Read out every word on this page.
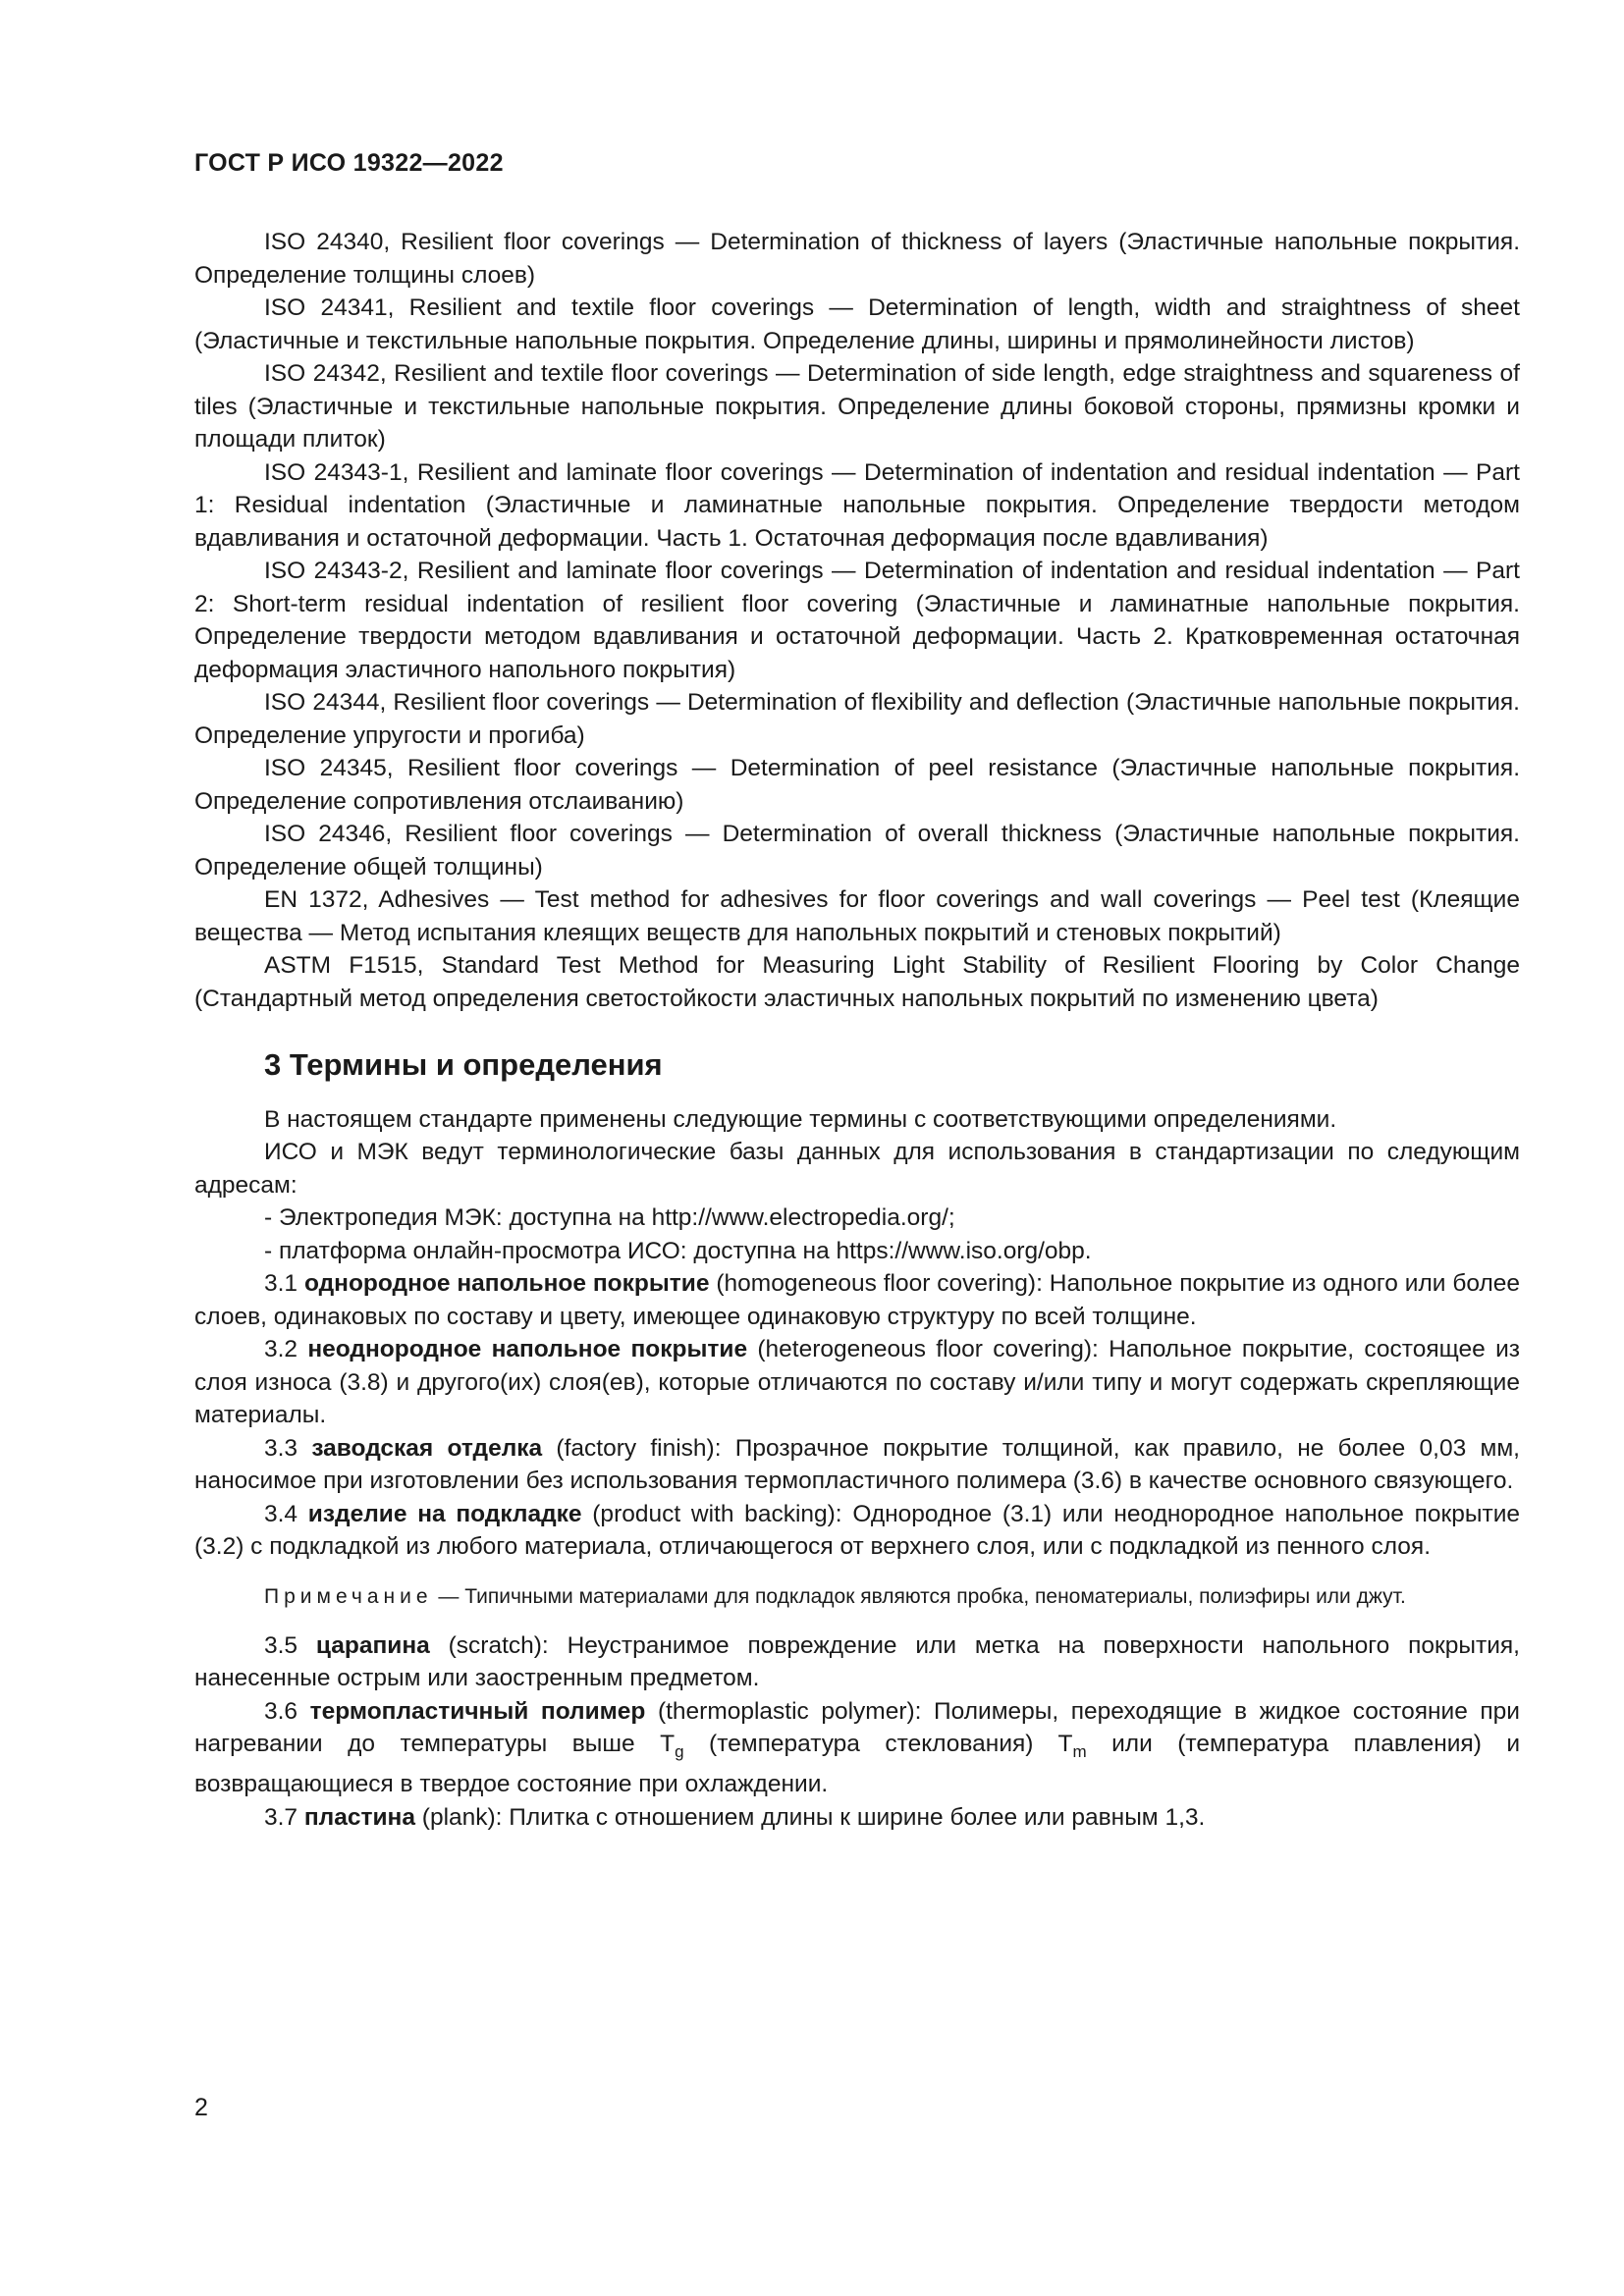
ГОСТ Р ИСО 19322—2022

ISO 24340, Resilient floor coverings — Determination of thickness of layers (Эластичные напольные покрытия. Определение толщины слоев)

ISO 24341, Resilient and textile floor coverings — Determination of length, width and straightness of sheet (Эластичные и текстильные напольные покрытия. Определение длины, ширины и прямолинейности листов)

ISO 24342, Resilient and textile floor coverings — Determination of side length, edge straightness and squareness of tiles (Эластичные и текстильные напольные покрытия. Определение длины боковой стороны, прямизны кромки и площади плиток)

ISO 24343-1, Resilient and laminate floor coverings — Determination of indentation and residual indentation — Part 1: Residual indentation (Эластичные и ламинатные напольные покрытия. Определение твердости методом вдавливания и остаточной деформации. Часть 1. Остаточная деформация после вдавливания)

ISO 24343-2, Resilient and laminate floor coverings — Determination of indentation and residual indentation — Part 2: Short-term residual indentation of resilient floor covering (Эластичные и ламинатные напольные покрытия. Определение твердости методом вдавливания и остаточной деформации. Часть 2. Кратковременная остаточная деформация эластичного напольного покрытия)

ISO 24344, Resilient floor coverings — Determination of flexibility and deflection (Эластичные напольные покрытия. Определение упругости и прогиба)

ISO 24345, Resilient floor coverings — Determination of peel resistance (Эластичные напольные покрытия. Определение сопротивления отслаиванию)

ISO 24346, Resilient floor coverings — Determination of overall thickness (Эластичные напольные покрытия. Определение общей толщины)

EN 1372, Adhesives — Test method for adhesives for floor coverings and wall coverings — Peel test (Клеящие вещества — Метод испытания клеящих веществ для напольных покрытий и стеновых покрытий)

ASTM F1515, Standard Test Method for Measuring Light Stability of Resilient Flooring by Color Change (Стандартный метод определения светостойкости эластичных напольных покрытий по изменению цвета)

3 Термины и определения

В настоящем стандарте применены следующие термины с соответствующими определениями.

ИСО и МЭК ведут терминологические базы данных для использования в стандартизации по следующим адресам:

- Электропедия МЭК: доступна на http://www.electropedia.org/;

- платформа онлайн-просмотра ИСО: доступна на https://www.iso.org/obp.

3.1 однородное напольное покрытие (homogeneous floor covering): Напольное покрытие из одного или более слоев, одинаковых по составу и цвету, имеющее одинаковую структуру по всей толщине.

3.2 неоднородное напольное покрытие (heterogeneous floor covering): Напольное покрытие, состоящее из слоя износа (3.8) и другого(их) слоя(ев), которые отличаются по составу и/или типу и могут содержать скрепляющие материалы.

3.3 заводская отделка (factory finish): Прозрачное покрытие толщиной, как правило, не более 0,03 мм, наносимое при изготовлении без использования термопластичного полимера (3.6) в качестве основного связующего.

3.4 изделие на подкладке (product with backing): Однородное (3.1) или неоднородное напольное покрытие (3.2) с подкладкой из любого материала, отличающегося от верхнего слоя, или с подкладкой из пенного слоя.

Примечание — Типичными материалами для подкладок являются пробка, пеноматериалы, полиэфиры или джут.

3.5 царапина (scratch): Неустранимое повреждение или метка на поверхности напольного покрытия, нанесенные острым или заостренным предметом.

3.6 термопластичный полимер (thermoplastic polymer): Полимеры, переходящие в жидкое состояние при нагревании до температуры выше $T_g$ (температура стеклования) $T_m$ или (температура плавления) и возвращающиеся в твердое состояние при охлаждении.

3.7 пластина (plank): Плитка с отношением длины к ширине более или равным 1,3.

2
